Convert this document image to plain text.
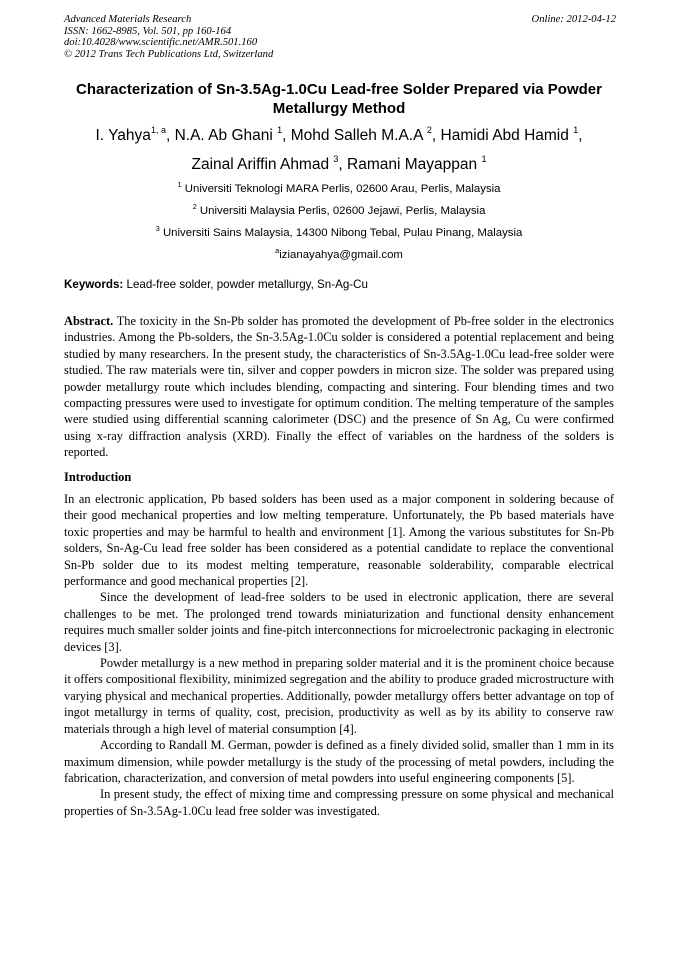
Advanced Materials Research
ISSN: 1662-8985, Vol. 501, pp 160-164
doi:10.4028/www.scientific.net/AMR.501.160
© 2012 Trans Tech Publications Ltd, Switzerland
Online: 2012-04-12
Characterization of Sn-3.5Ag-1.0Cu Lead-free Solder Prepared via Powder Metallurgy Method
I. Yahya$^{1, a}$, N.A. Ab Ghani $^1$, Mohd Salleh M.A.A $^2$, Hamidi Abd Hamid $^1$,
Zainal Ariffin Ahmad $^3$, Ramani Mayappan $^1$
$^1$ Universiti Teknologi MARA Perlis, 02600 Arau, Perlis, Malaysia
$^2$ Universiti Malaysia Perlis, 02600 Jejawi, Perlis, Malaysia
$^3$ Universiti Sains Malaysia, 14300 Nibong Tebal, Pulau Pinang, Malaysia
$^a$izianayahya@gmail.com
Keywords: Lead-free solder, powder metallurgy, Sn-Ag-Cu
Abstract. The toxicity in the Sn-Pb solder has promoted the development of Pb-free solder in the electronics industries. Among the Pb-solders, the Sn-3.5Ag-1.0Cu solder is considered a potential replacement and being studied by many researchers. In the present study, the characteristics of Sn-3.5Ag-1.0Cu lead-free solder were studied. The raw materials were tin, silver and copper powders in micron size. The solder was prepared using powder metallurgy route which includes blending, compacting and sintering. Four blending times and two compacting pressures were used to investigate for optimum condition. The melting temperature of the samples were studied using differential scanning calorimeter (DSC) and the presence of Sn Ag, Cu were confirmed using x-ray diffraction analysis (XRD). Finally the effect of variables on the hardness of the solders is reported.
Introduction

In an electronic application, Pb based solders has been used as a major component in soldering because of their good mechanical properties and low melting temperature. Unfortunately, the Pb based materials have toxic properties and may be harmful to health and environment [1]. Among the various substitutes for Sn-Pb solders, Sn-Ag-Cu lead free solder has been considered as a potential candidate to replace the conventional Sn-Pb solder due to its modest melting temperature, reasonable solderability, comparable electrical performance and good mechanical properties [2].

Since the development of lead-free solders to be used in electronic application, there are several challenges to be met. The prolonged trend towards miniaturization and functional density enhancement requires much smaller solder joints and fine-pitch interconnections for microelectronic packaging in electronic devices [3].

Powder metallurgy is a new method in preparing solder material and it is the prominent choice because it offers compositional flexibility, minimized segregation and the ability to produce graded microstructure with varying physical and mechanical properties. Additionally, powder metallurgy offers better advantage on top of ingot metallurgy in terms of quality, cost, precision, productivity as well as by its ability to conserve raw materials through a high level of material consumption [4].

According to Randall M. German, powder is defined as a finely divided solid, smaller than 1 mm in its maximum dimension, while powder metallurgy is the study of the processing of metal powders, including the fabrication, characterization, and conversion of metal powders into useful engineering components [5].

In present study, the effect of mixing time and compressing pressure on some physical and mechanical properties of Sn-3.5Ag-1.0Cu lead free solder was investigated.
